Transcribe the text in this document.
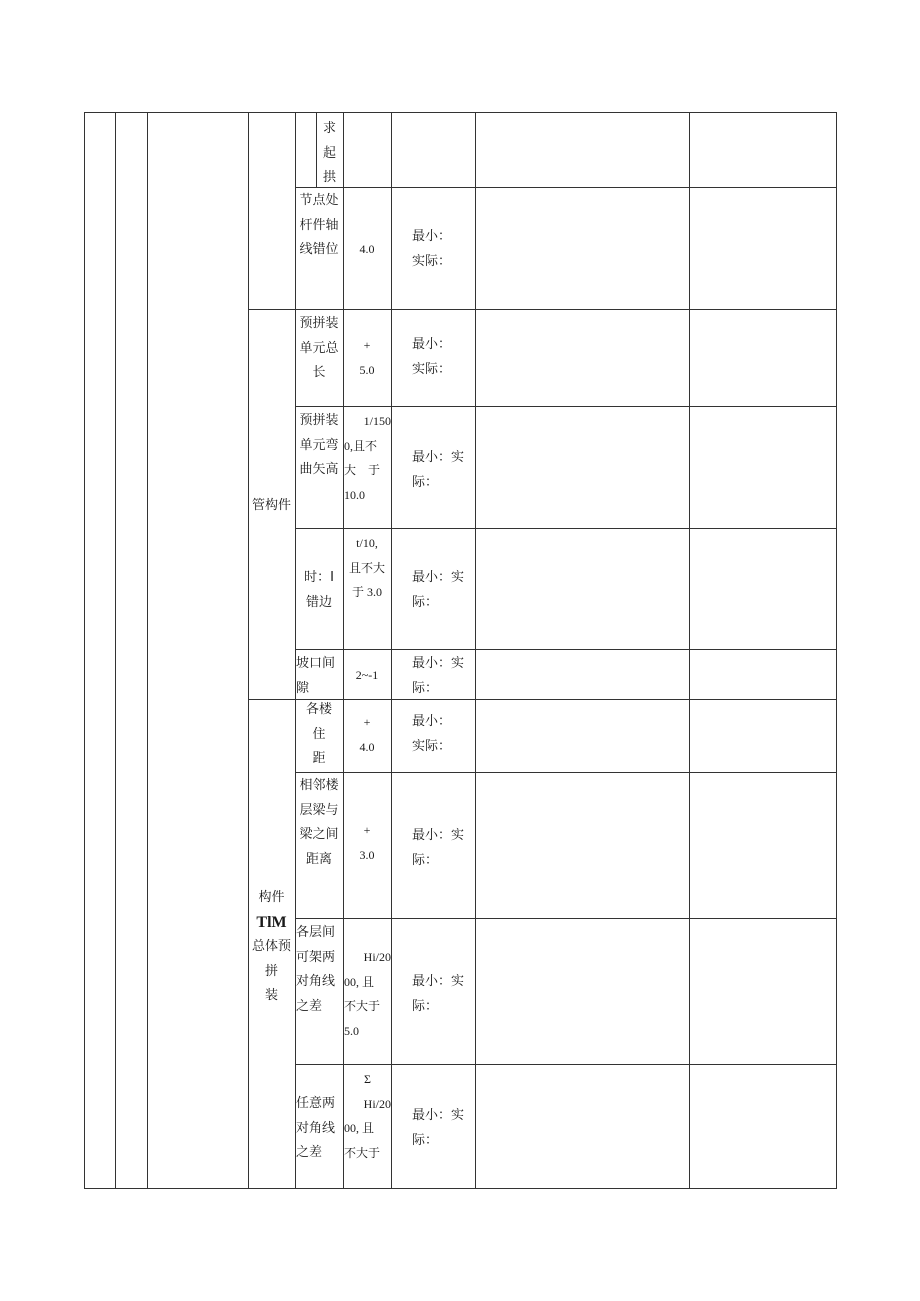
求
起
拱
节点处
杆件轴
线错位	4.0
最小：
实际：
预拼装
单元总
长
+
5.0
最小：
实际：
预拼装
单元弯
曲矢高
1/150
0,且不
大　于
10.0
最小：实
际：
管构件
时：I
错边
t/10,
且不大
于 3.0
最小：实
际：
坡口间
隙
2~-1
最小：实
际：
各楼
住
距
+
4.0
最小：
实际：
相邻楼
层梁与
梁之间
距离
+
3.0
最小：实
际：
构件
TlM
总体预
拼
装
各层间
可架两
对角线
之差
Hi/20
00, 且
不大于
5.0
最小：实
际：
任意两
对角线
之差
Σ
Hi/20
00, 且
不大于
最小：实
际：
